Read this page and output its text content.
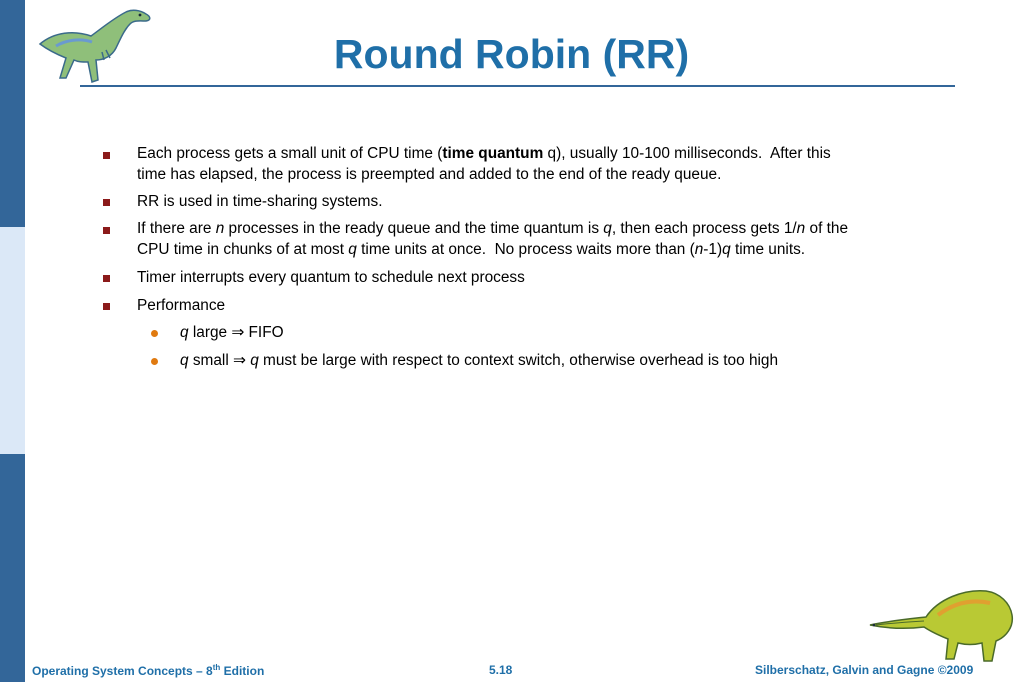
Round Robin (RR)
Each process gets a small unit of CPU time (time quantum q), usually 10-100 milliseconds.  After this
time has elapsed, the process is preempted and added to the end of the ready queue.
RR is used in time-sharing systems.
If there are n processes in the ready queue and the time quantum is q, then each process gets 1/n of the
CPU time in chunks of at most q time units at once.  No process waits more than (n-1)q time units.
Timer interrupts every quantum to schedule next process
Performance
q large ⇒ FIFO
q small ⇒ q must be large with respect to context switch, otherwise overhead is too high
Operating System Concepts – 8th Edition	5.18	Silberschatz, Galvin and Gagne ©2009
